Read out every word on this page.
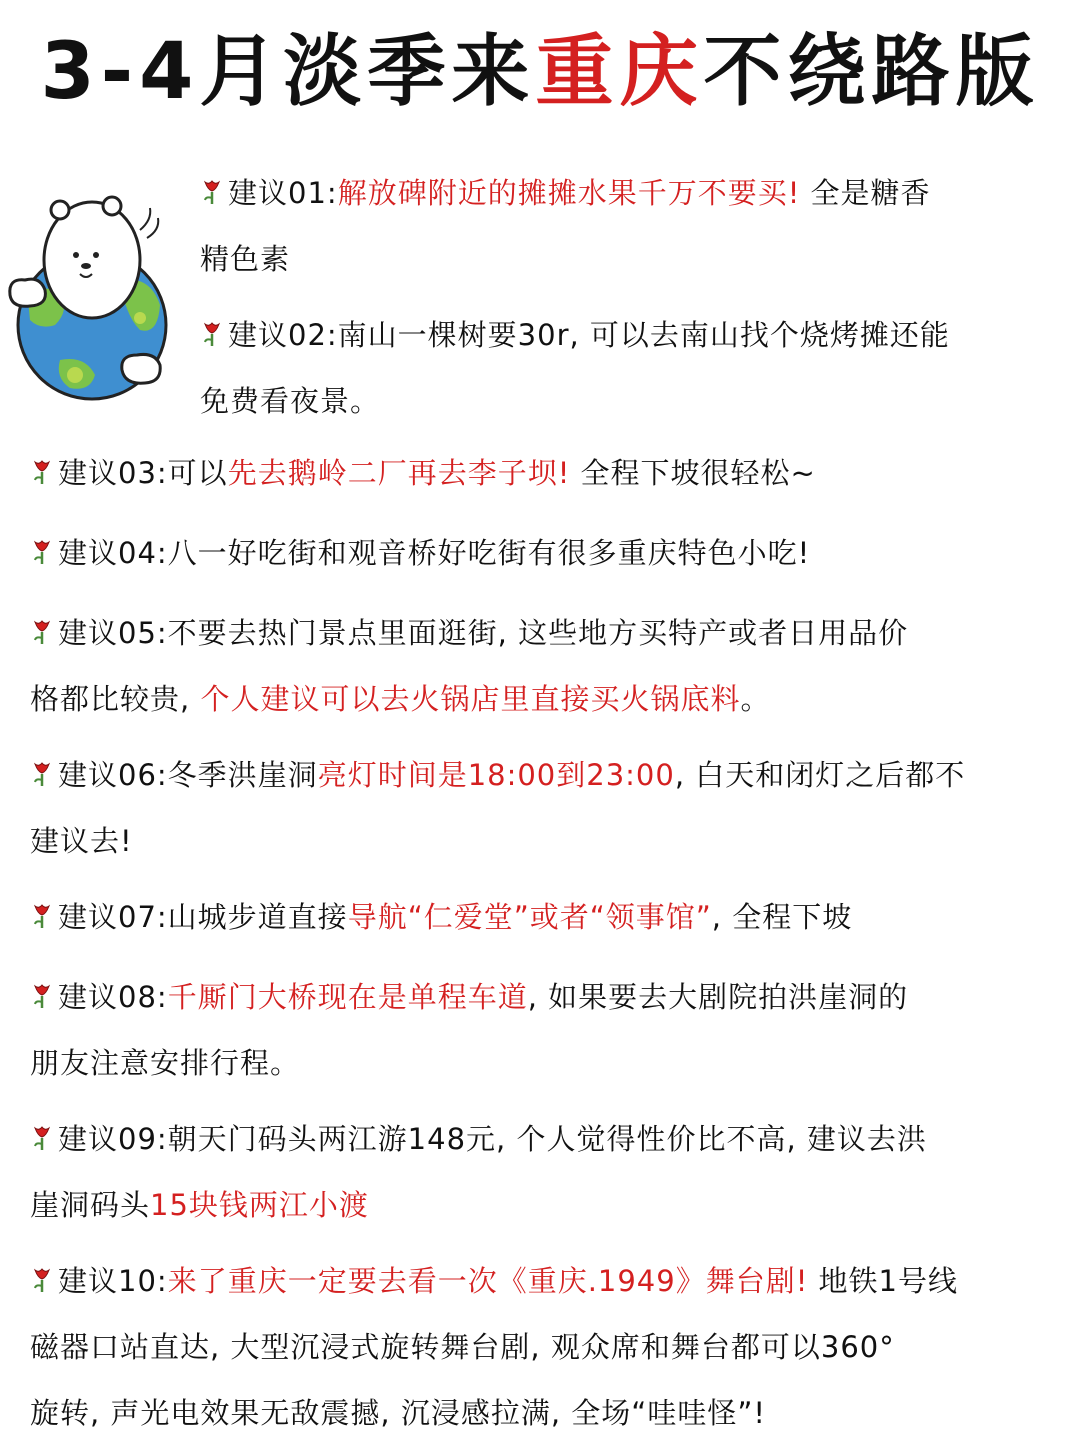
3-4月淡季来重庆不绕路版
建议01:解放碑附近的摊摊水果千万不要买! 全是糖香
精色素
建议02:南山一棵树要30r, 可以去南山找个烧烤摊还能
免费看夜景。
建议03:可以先去鹅岭二厂再去李子坝! 全程下坡很轻松~
建议04:八一好吃街和观音桥好吃街有很多重庆特色小吃!
建议05:不要去热门景点里面逛街, 这些地方买特产或者日用品价
格都比较贵, 个人建议可以去火锅店里直接买火锅底料。
建议06:冬季洪崖洞亮灯时间是18:00到23:00, 白天和闭灯之后都不
建议去!
建议07:山城步道直接导航“仁爱堂”或者“领事馆”, 全程下坡
建议08:千厮门大桥现在是单程车道, 如果要去大剧院拍洪崖洞的
朋友注意安排行程。
建议09:朝天门码头两江游148元, 个人觉得性价比不高, 建议去洪
崖洞码头15块钱两江小渡
建议10:来了重庆一定要去看一次《重庆.1949》舞台剧! 地铁1号线
磁器口站直达, 大型沉浸式旋转舞台剧, 观众席和舞台都可以360°
旋转, 声光电效果无敌震撼, 沉浸感拉满, 全场“哇哇怪”!
